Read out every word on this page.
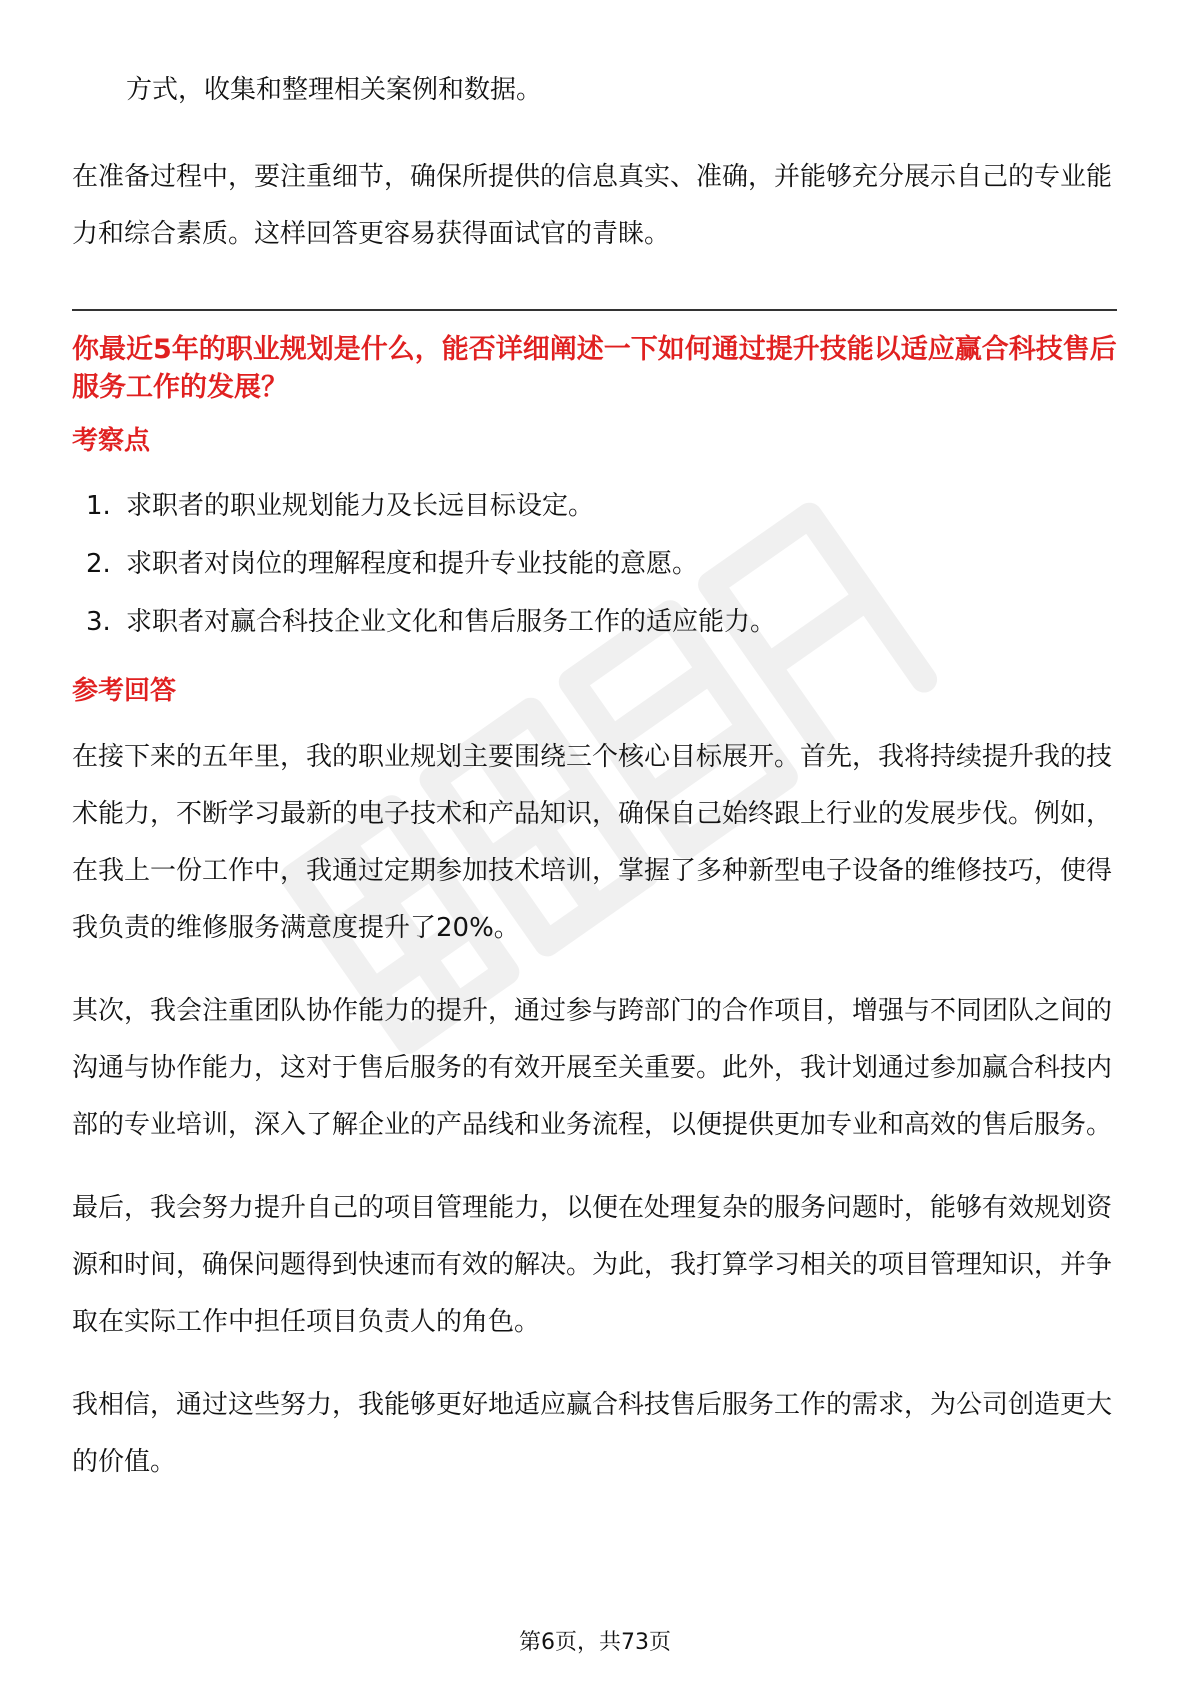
方式，收集和整理相关案例和数据。

在准备过程中，要注重细节，确保所提供的信息真实、准确，并能够充分展示自己的专业能力和综合素质。这样回答更容易获得面试官的青睐。

你最近5年的职业规划是什么，能否详细阐述一下如何通过提升技能以适应赢合科技售后服务工作的发展？

考察点

1. 求职者的职业规划能力及长远目标设定。
2. 求职者对岗位的理解程度和提升专业技能的意愿。
3. 求职者对赢合科技企业文化和售后服务工作的适应能力。

参考回答

在接下来的五年里，我的职业规划主要围绕三个核心目标展开。首先，我将持续提升我的技术能力，不断学习最新的电子技术和产品知识，确保自己始终跟上行业的发展步伐。例如，在我上一份工作中，我通过定期参加技术培训，掌握了多种新型电子设备的维修技巧，使得我负责的维修服务满意度提升了20%。

其次，我会注重团队协作能力的提升，通过参与跨部门的合作项目，增强与不同团队之间的沟通与协作能力，这对于售后服务的有效开展至关重要。此外，我计划通过参加赢合科技内部的专业培训，深入了解企业的产品线和业务流程，以便提供更加专业和高效的售后服务。

最后，我会努力提升自己的项目管理能力，以便在处理复杂的服务问题时，能够有效规划资源和时间，确保问题得到快速而有效的解决。为此，我打算学习相关的项目管理知识，并争取在实际工作中担任项目负责人的角色。

我相信，通过这些努力，我能够更好地适应赢合科技售后服务工作的需求，为公司创造更大的价值。

第6页，共73页
